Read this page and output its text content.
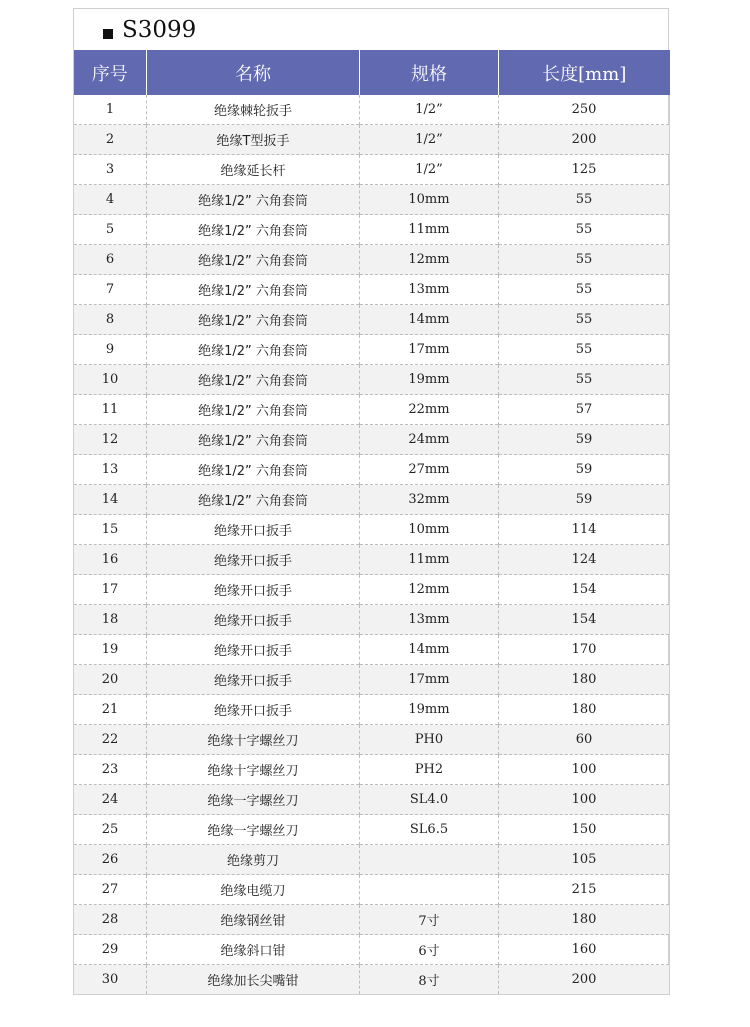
S3099
序号	名称	规格	长度[mm]
1	绝缘棘轮扳手	1/2”	250
2	绝缘T型扳手	1/2”	200
3	绝缘延长杆	1/2”	125
4	绝缘1/2” 六角套筒	10mm	55
5	绝缘1/2” 六角套筒	11mm	55
6	绝缘1/2” 六角套筒	12mm	55
7	绝缘1/2” 六角套筒	13mm	55
8	绝缘1/2” 六角套筒	14mm	55
9	绝缘1/2” 六角套筒	17mm	55
10	绝缘1/2” 六角套筒	19mm	55
11	绝缘1/2” 六角套筒	22mm	57
12	绝缘1/2” 六角套筒	24mm	59
13	绝缘1/2” 六角套筒	27mm	59
14	绝缘1/2” 六角套筒	32mm	59
15	绝缘开口扳手	10mm	114
16	绝缘开口扳手	11mm	124
17	绝缘开口扳手	12mm	154
18	绝缘开口扳手	13mm	154
19	绝缘开口扳手	14mm	170
20	绝缘开口扳手	17mm	180
21	绝缘开口扳手	19mm	180
22	绝缘十字螺丝刀	PH0	60
23	绝缘十字螺丝刀	PH2	100
24	绝缘一字螺丝刀	SL4.0	100
25	绝缘一字螺丝刀	SL6.5	150
26	绝缘剪刀		105
27	绝缘电缆刀		215
28	绝缘钢丝钳	7寸	180
29	绝缘斜口钳	6寸	160
30	绝缘加长尖嘴钳	8寸	200
